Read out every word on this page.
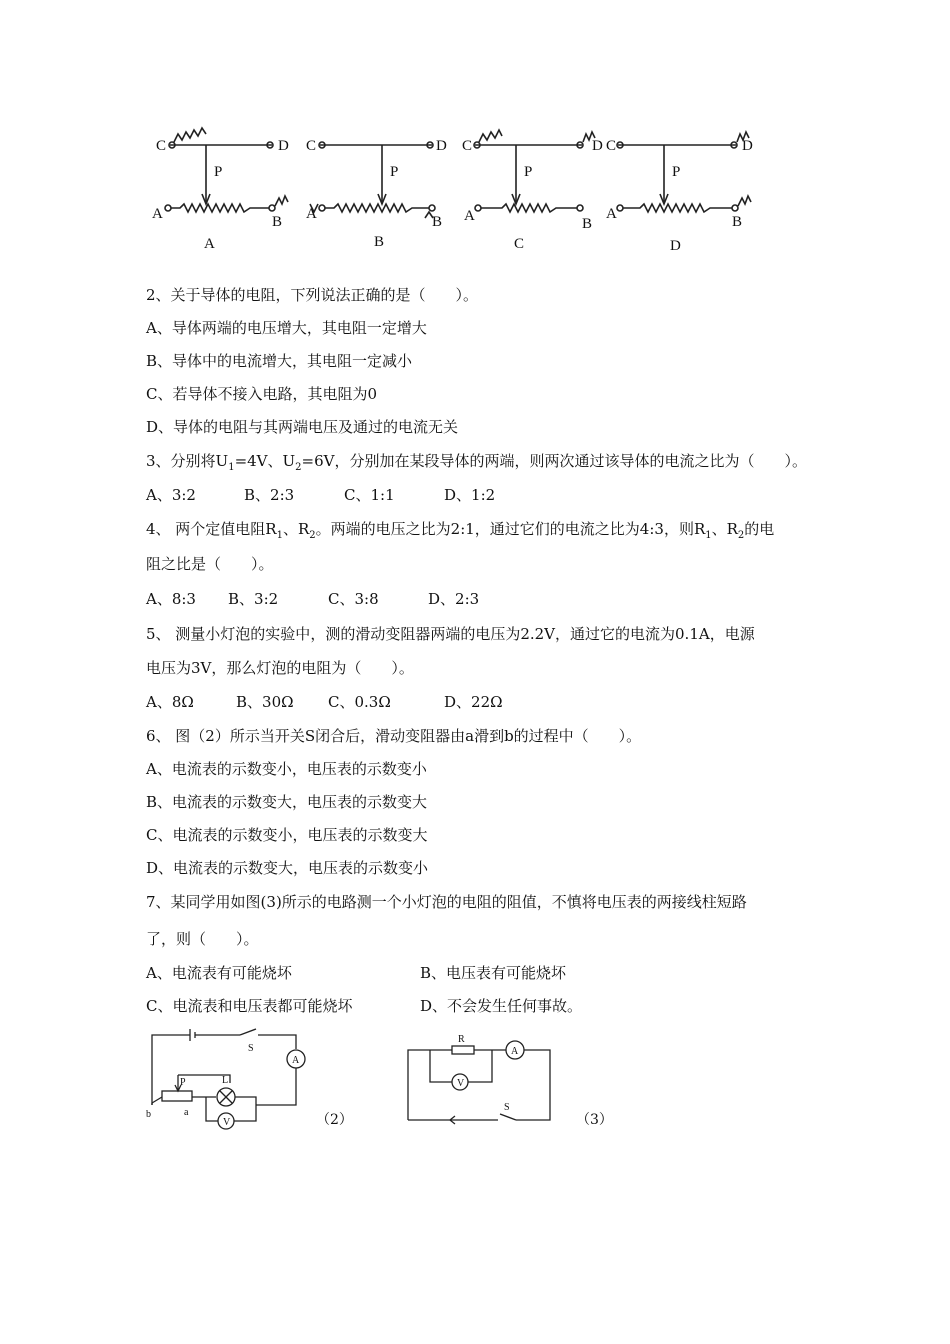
C	D
P
A	B
A
C	D
P
A	B
B
C	D
P
A	B
C
C	D
P
A	B
D
2、关于导体的电阻，下列说法正确的是（　　）。
A、导体两端的电压增大，其电阻一定增大
B、导体中的电流增大，其电阻一定减小
C、若导体不接入电路，其电阻为0
D、导体的电阻与其两端电压及通过的电流无关
3、分别将$U_1=4V$、$U_2=6V$，分别加在某段导体的两端，则两次通过该导体的电流之比为（　　）。
A、3:2	B、2:3	C、1:1	D、1:2
4、 两个定值电阻$R_1$、$R_2$。两端的电压之比为2:1，通过它们的电流之比为4:3，则$R_1$、$R_2$的电
阻之比是（　　）。
A、8:3 B、3:2	C、3:8	D、2:3
5、 测量小灯泡的实验中，测的滑动变阻器两端的电压为2.2V，通过它的电流为0.1A，电源
电压为3V，那么灯泡的电阻为（　　）。
A、8Ω	B、30Ω C、0.3Ω	D、22Ω
6、 图（2）所示当开关S闭合后，滑动变阻器由a滑到b的过程中（　　）。
A、电流表的示数变小，电压表的示数变小
B、电流表的示数变大，电压表的示数变大
C、电流表的示数变小，电压表的示数变大
D、电流表的示数变大，电压表的示数变小
7、某同学用如图(3)所示的电路测一个小灯泡的电阻的阻值，不慎将电压表的两接线柱短路
了，则（　　）。
A、电流表有可能烧坏	B、电压表有可能烧坏
C、电流表和电压表都可能烧坏	D、不会发生任何事故。
S
A
L
V
P
b	a	（2）
R
A
V
S
（3）
